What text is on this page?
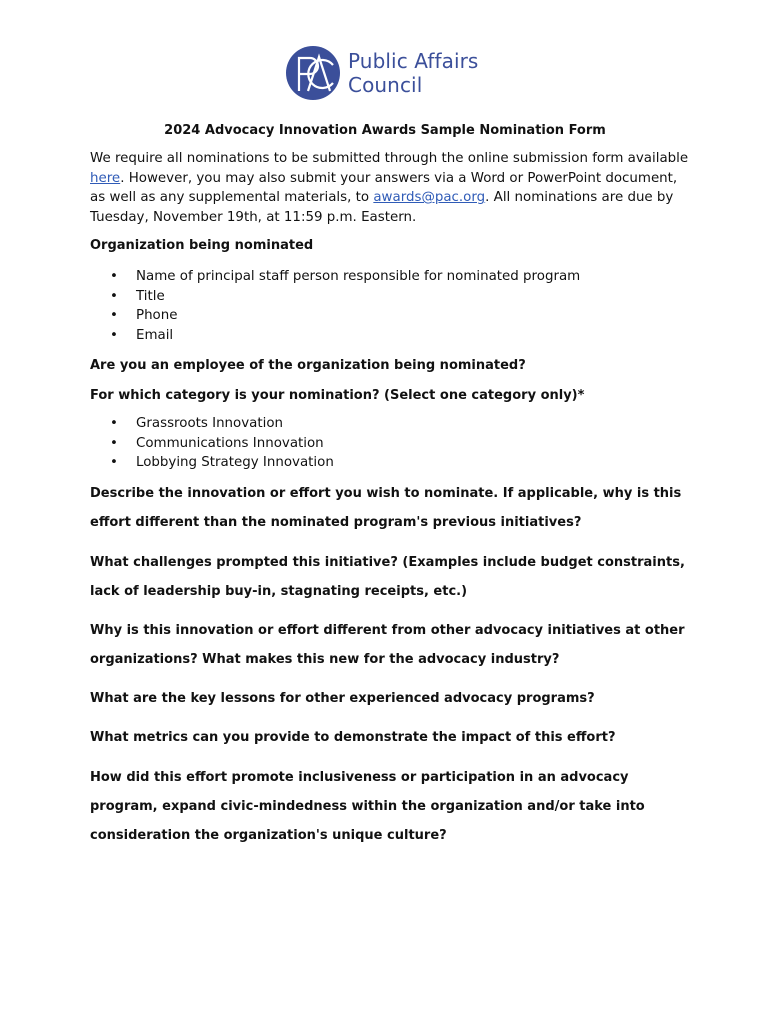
Public Affairs
Council
2024 Advocacy Innovation Awards Sample Nomination Form
We require all nominations to be submitted through the online submission form available here. However, you may also submit your answers via a Word or PowerPoint document, as well as any supplemental materials, to awards@pac.org. All nominations are due by Tuesday, November 19th, at 11:59 p.m. Eastern.
Organization being nominated
• Name of principal staff person responsible for nominated program
• Title
• Phone
• Email
Are you an employee of the organization being nominated?
For which category is your nomination? (Select one category only)*
• Grassroots Innovation
• Communications Innovation
• Lobbying Strategy Innovation
Describe the innovation or effort you wish to nominate. If applicable, why is this effort different than the nominated program's previous initiatives?
What challenges prompted this initiative? (Examples include budget constraints, lack of leadership buy-in, stagnating receipts, etc.)
Why is this innovation or effort different from other advocacy initiatives at other organizations? What makes this new for the advocacy industry?
What are the key lessons for other experienced advocacy programs?
What metrics can you provide to demonstrate the impact of this effort?
How did this effort promote inclusiveness or participation in an advocacy program, expand civic-mindedness within the organization and/or take into consideration the organization's unique culture?
